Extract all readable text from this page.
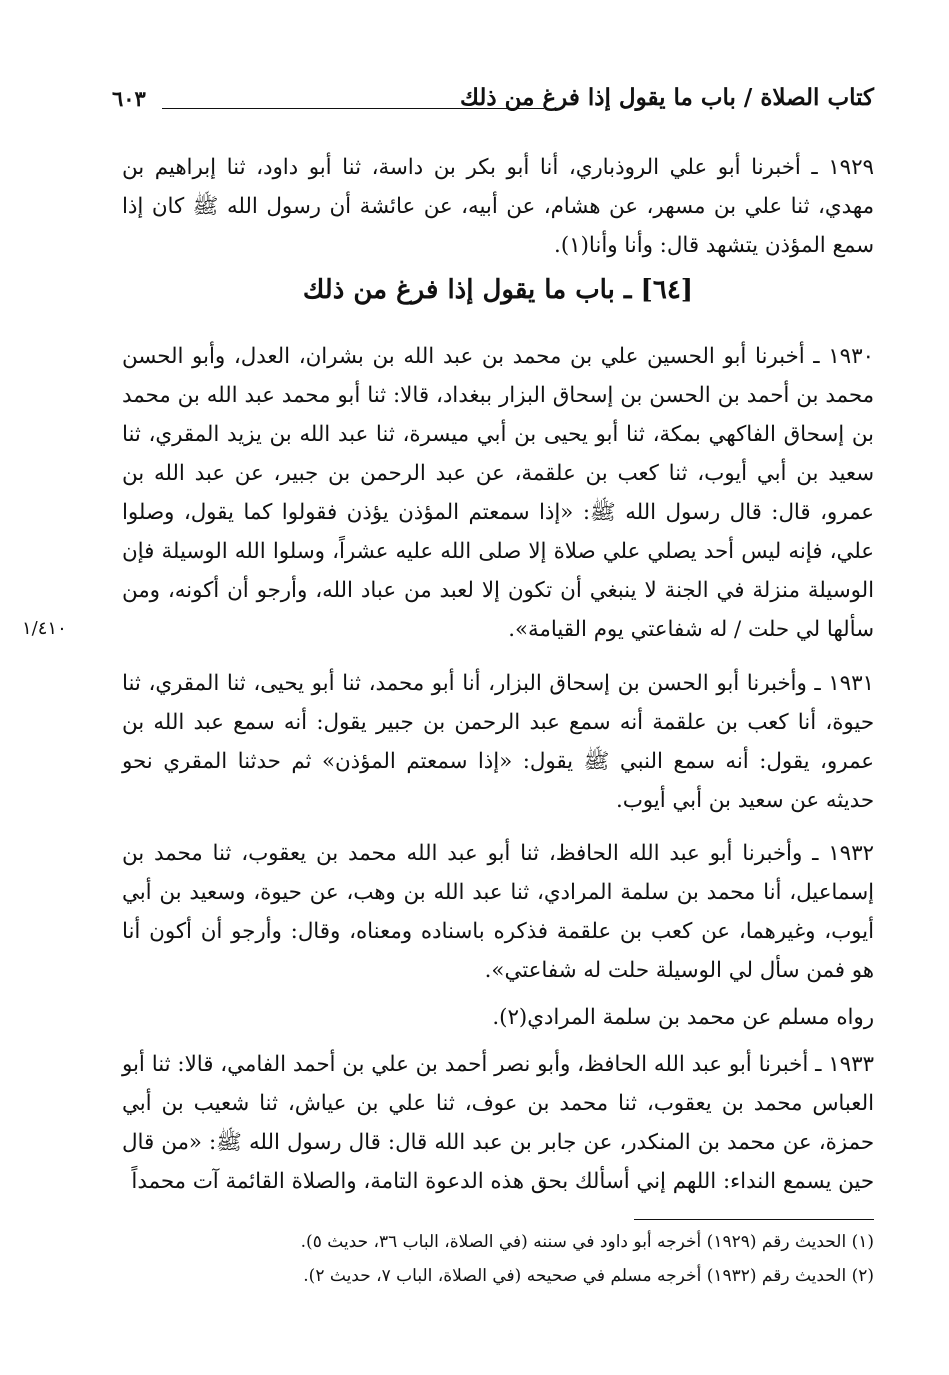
كتاب الصلاة / باب ما يقول إذا فرغ من ذلك
٦٠٣
١٩٢٩ ـ أخبرنا أبو علي الروذباري، أنا أبو بكر بن داسة، ثنا أبو داود، ثنا إبراهيم بن مهدي، ثنا علي بن مسهر، عن هشام، عن أبيه، عن عائشة أن رسول الله ﷺ كان إذا سمع المؤذن يتشهد قال: وأنا وأنا(١).
[٦٤] ـ باب ما يقول إذا فرغ من ذلك
١٩٣٠ ـ أخبرنا أبو الحسين علي بن محمد بن عبد الله بن بشران، العدل، وأبو الحسن محمد بن أحمد بن الحسن بن إسحاق البزار ببغداد، قالا: ثنا أبو محمد عبد الله بن محمد بن إسحاق الفاكهي بمكة، ثنا أبو يحيى بن أبي ميسرة، ثنا عبد الله بن يزيد المقري، ثنا سعيد بن أبي أيوب، ثنا كعب بن علقمة، عن عبد الرحمن بن جبير، عن عبد الله بن عمرو، قال: قال رسول الله ﷺ: «إذا سمعتم المؤذن يؤذن فقولوا كما يقول، وصلوا علي، فإنه ليس أحد يصلي علي صلاة إلا صلى الله عليه عشراً، وسلوا الله الوسيلة فإن الوسيلة منزلة في الجنة لا ينبغي أن تكون إلا لعبد من عباد الله، وأرجو أن أكونه، ومن سألها لي حلت / له شفاعتي يوم القيامة».
١/٤١٠
١٩٣١ ـ وأخبرنا أبو الحسن بن إسحاق البزار، أنا أبو محمد، ثنا أبو يحيى، ثنا المقري، ثنا حيوة، أنا كعب بن علقمة أنه سمع عبد الرحمن بن جبير يقول: أنه سمع عبد الله بن عمرو، يقول: أنه سمع النبي ﷺ يقول: «إذا سمعتم المؤذن» ثم حدثنا المقري نحو حديثه عن سعيد بن أبي أيوب.
١٩٣٢ ـ وأخبرنا أبو عبد الله الحافظ، ثنا أبو عبد الله محمد بن يعقوب، ثنا محمد بن إسماعيل، أنا محمد بن سلمة المرادي، ثنا عبد الله بن وهب، عن حيوة، وسعيد بن أبي أيوب، وغيرهما، عن كعب بن علقمة فذكره باسناده ومعناه، وقال: وأرجو أن أكون أنا هو فمن سأل لي الوسيلة حلت له شفاعتي».
رواه مسلم عن محمد بن سلمة المرادي(٢).
١٩٣٣ ـ أخبرنا أبو عبد الله الحافظ، وأبو نصر أحمد بن علي بن أحمد الفامي، قالا: ثنا أبو العباس محمد بن يعقوب، ثنا محمد بن عوف، ثنا علي بن عياش، ثنا شعيب بن أبي حمزة، عن محمد بن المنكدر، عن جابر بن عبد الله قال: قال رسول الله ﷺ: «من قال حين يسمع النداء: اللهم إني أسألك بحق هذه الدعوة التامة، والصلاة القائمة آت محمداً
(١) الحديث رقم (١٩٢٩) أخرجه أبو داود في سننه (في الصلاة، الباب ٣٦، حديث ٥).
(٢) الحديث رقم (١٩٣٢) أخرجه مسلم في صحيحه (في الصلاة، الباب ٧، حديث ٢).
